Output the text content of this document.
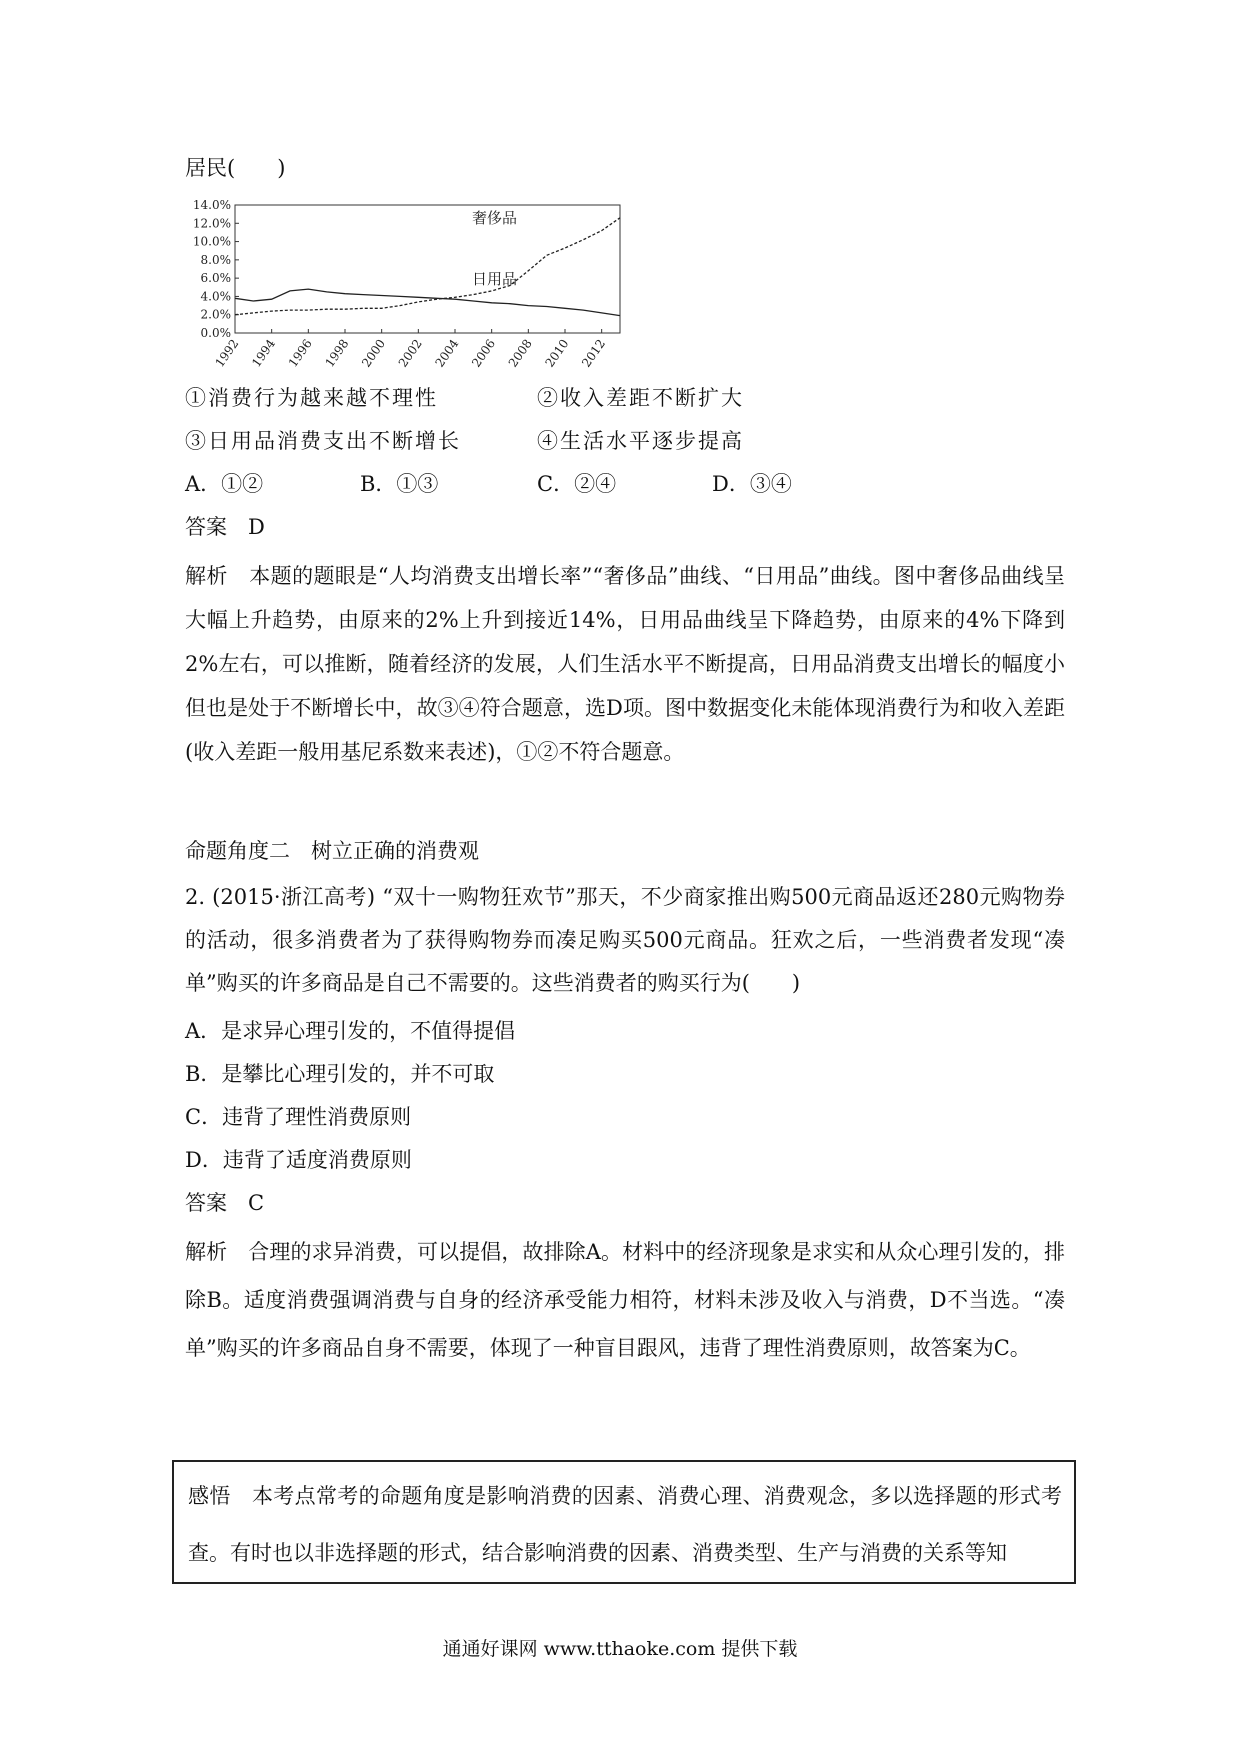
居民(　　)
14.0%
12.0%
10.0%
8.0%
6.0%
4.0%
2.0%
0.0%
1992 1994 1996 1998 2000 2002 2004 2006 2008 2010 2012
奢侈品
日用品
①消费行为越来越不理性	②收入差距不断扩大
③日用品消费支出不断增长	④生活水平逐步提高
A．①②	B．①③	C．②④	D．③④
答案　D
解析　本题的题眼是“人均消费支出增长率”“奢侈品”曲线、“日用品”曲线。图中奢侈品曲线呈大幅上升趋势，由原来的2%上升到接近14%，日用品曲线呈下降趋势，由原来的4%下降到 2%左右，可以推断，随着经济的发展，人们生活水平不断提高，日用品消费支出增长的幅度小但也是处于不断增长中，故③④符合题意，选D项。图中数据变化未能体现消费行为和收入差距(收入差距一般用基尼系数来表述)，①②不符合题意。
命题角度二　树立正确的消费观
2. (2015·浙江高考) “双十一购物狂欢节”那天，不少商家推出购500元商品返还280元购物券的活动，很多消费者为了获得购物券而凑足购买500元商品。狂欢之后，一些消费者发现“凑单”购买的许多商品是自己不需要的。这些消费者的购买行为(　　)
A．是求异心理引发的，不值得提倡
B．是攀比心理引发的，并不可取
C．违背了理性消费原则
D．违背了适度消费原则
答案　C
解析　合理的求异消费，可以提倡，故排除A。材料中的经济现象是求实和从众心理引发的，排除B。适度消费强调消费与自身的经济承受能力相符，材料未涉及收入与消费，D不当选。“凑单”购买的许多商品自身不需要，体现了一种盲目跟风，违背了理性消费原则，故答案为C。
感悟　本考点常考的命题角度是影响消费的因素、消费心理、消费观念，多以选择题的形式考查。有时也以非选择题的形式，结合影响消费的因素、消费类型、生产与消费的关系等知
通通好课网 www.tthaoke.com 提供下载
